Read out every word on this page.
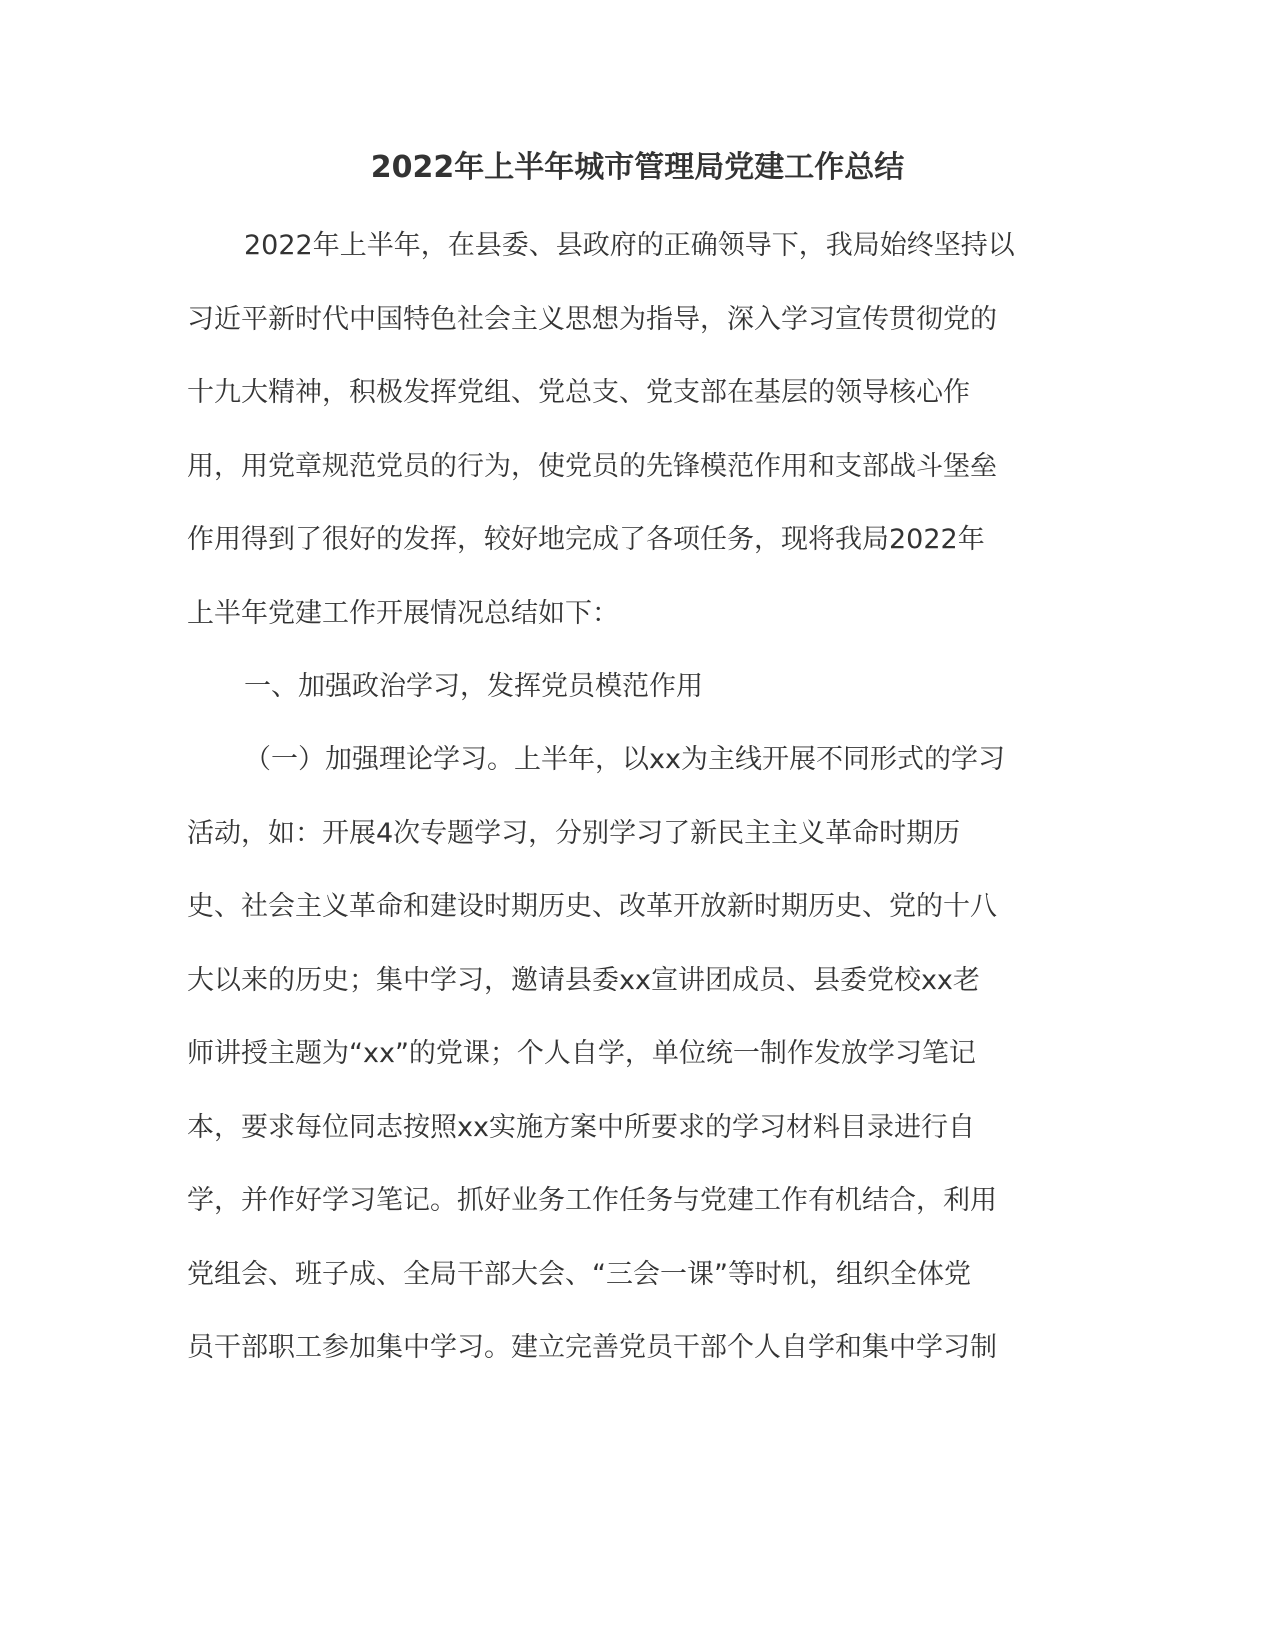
2022年上半年城市管理局党建工作总结
2022年上半年，在县委、县政府的正确领导下，我局始终坚持以
习近平新时代中国特色社会主义思想为指导，深入学习宣传贯彻党的
十九大精神，积极发挥党组、党总支、党支部在基层的领导核心作
用，用党章规范党员的行为，使党员的先锋模范作用和支部战斗堡垒
作用得到了很好的发挥，较好地完成了各项任务，现将我局2022年
上半年党建工作开展情况总结如下：
一、加强政治学习，发挥党员模范作用
（一）加强理论学习。上半年，以xx为主线开展不同形式的学习
活动，如：开展4次专题学习，分别学习了新民主主义革命时期历
史、社会主义革命和建设时期历史、改革开放新时期历史、党的十八
大以来的历史；集中学习，邀请县委xx宣讲团成员、县委党校xx老
师讲授主题为“xx”的党课；个人自学，单位统一制作发放学习笔记
本，要求每位同志按照xx实施方案中所要求的学习材料目录进行自
学，并作好学习笔记。抓好业务工作任务与党建工作有机结合，利用
党组会、班子成、全局干部大会、“三会一课”等时机，组织全体党
员干部职工参加集中学习。建立完善党员干部个人自学和集中学习制
